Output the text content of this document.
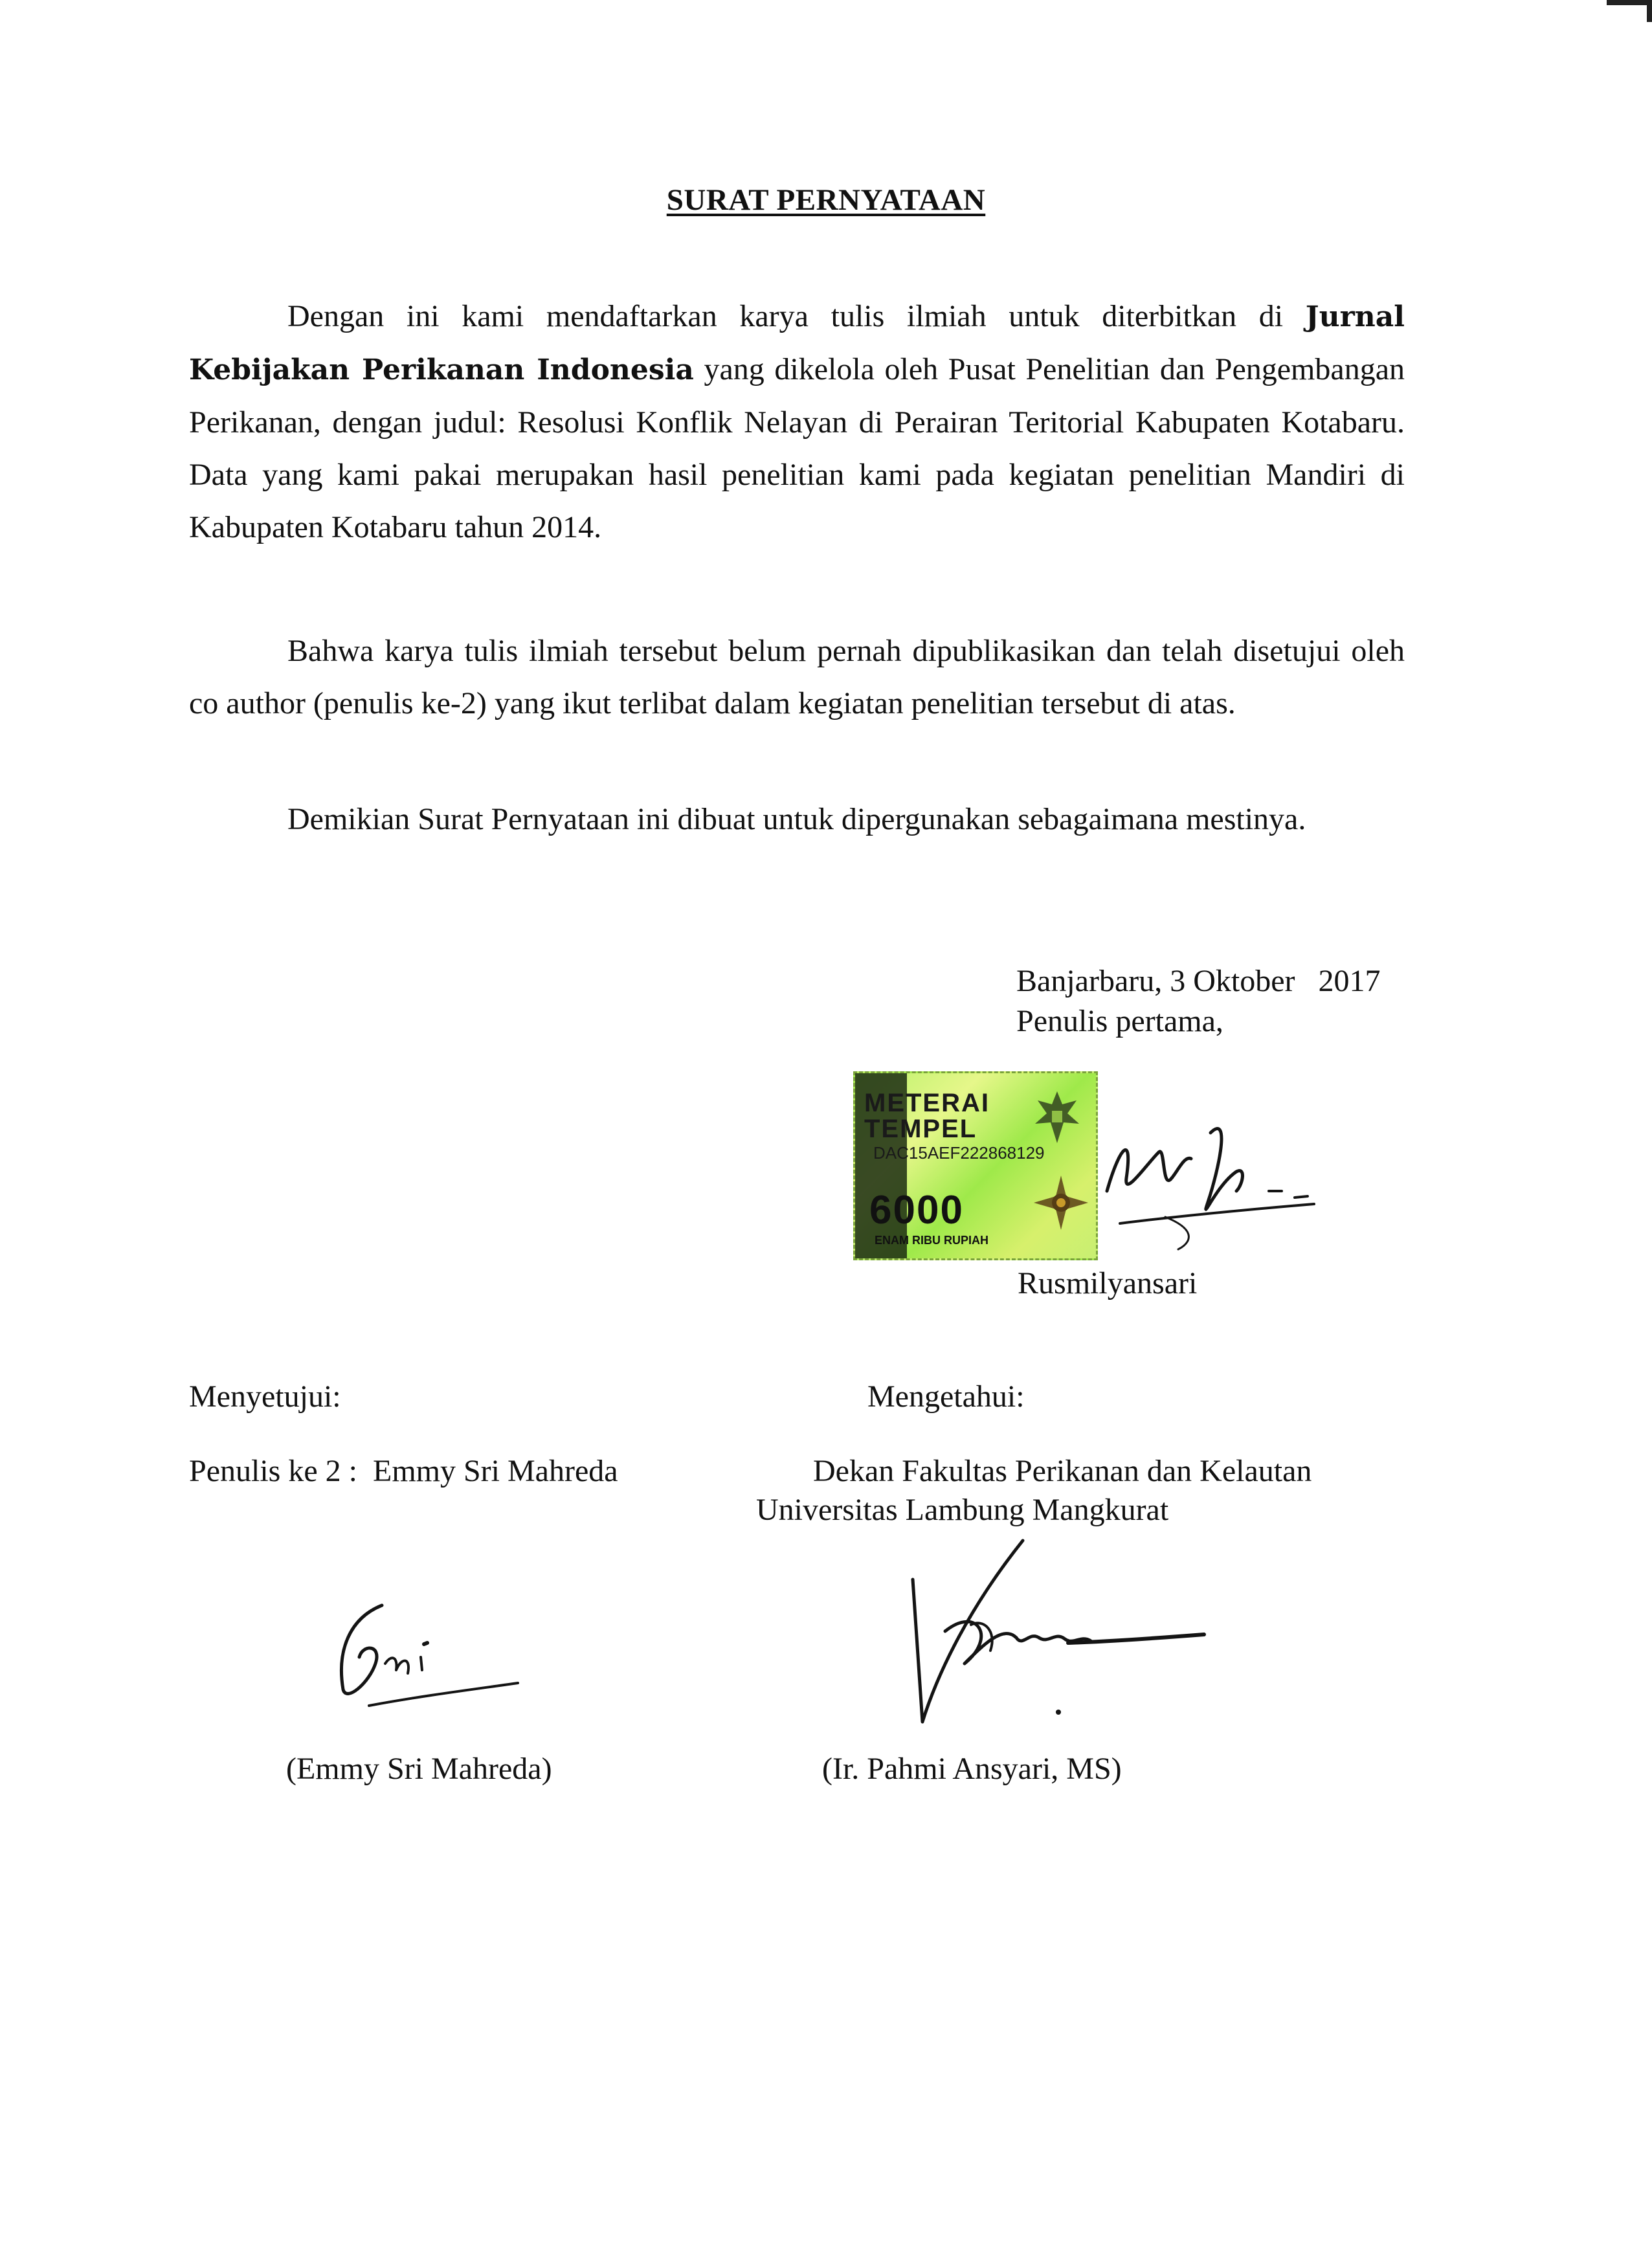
SURAT PERNYATAAN

Dengan ini kami mendaftarkan karya tulis ilmiah untuk diterbitkan di Jurnal Kebijakan Perikanan Indonesia yang dikelola oleh Pusat Penelitian dan Pengembangan Perikanan, dengan judul: Resolusi Konflik Nelayan di Perairan Teritorial Kabupaten Kotabaru. Data yang kami pakai merupakan hasil penelitian kami pada kegiatan penelitian Mandiri di Kabupaten Kotabaru tahun 2014.

Bahwa karya tulis ilmiah tersebut belum pernah dipublikasikan dan telah disetujui oleh co author (penulis ke-2) yang ikut terlibat dalam kegiatan penelitian tersebut di atas.

Demikian Surat Pernyataan ini dibuat untuk dipergunakan sebagaimana mestinya.

Banjarbaru, 3 Oktober   2017
Penulis pertama,
METERAI
TEMPEL
DAC15AEF222868129
6000
ENAM RIBU RUPIAH
Rusmilyansari
Menyetujui:	Mengetahui:
Penulis ke 2 :  Emmy Sri Mahreda	Dekan Fakultas Perikanan dan Kelautan
Universitas Lambung Mangkurat
(Emmy Sri Mahreda)	(Ir. Pahmi Ansyari, MS)
